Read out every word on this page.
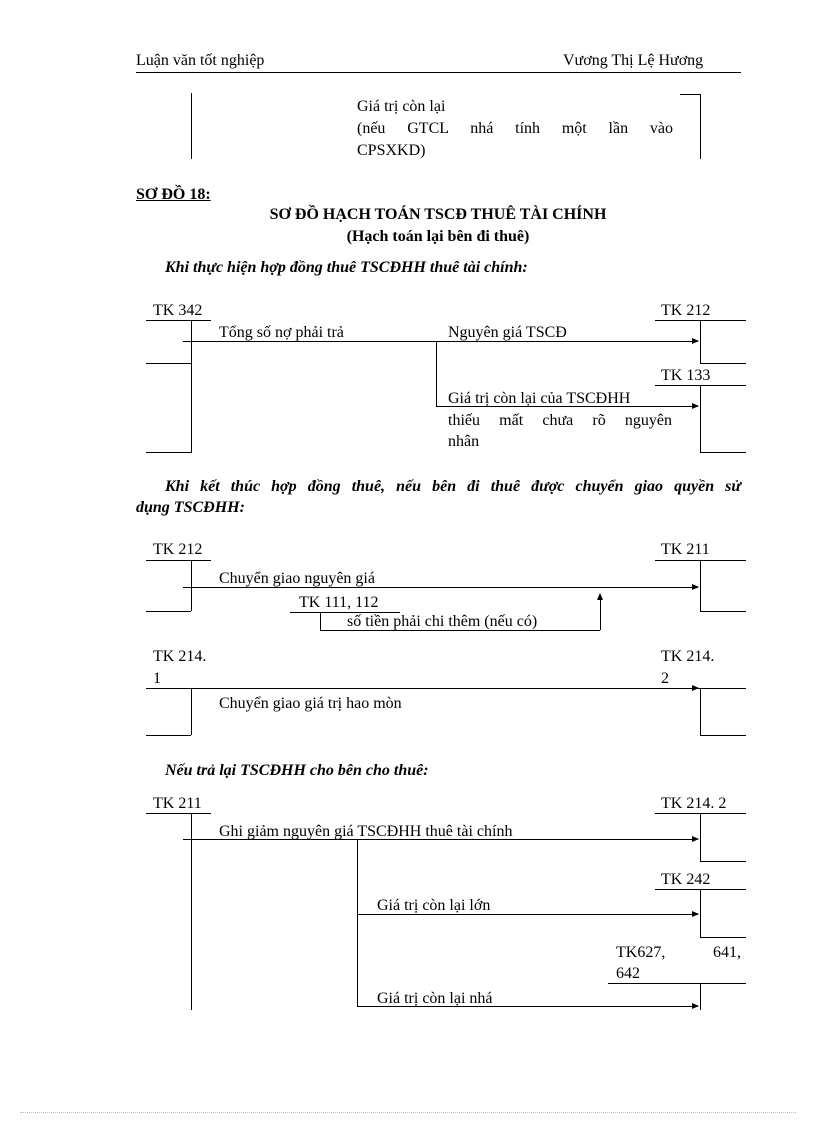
Luận văn tốt nghiệp	Vương Thị Lệ Hương
Giá trị còn lại
(nếu GTCL nhá tính một lần vào
CPSXKD)
SƠ ĐỒ 18:
SƠ ĐỒ HẠCH TOÁN TSCĐ THUÊ TÀI CHÍNH
(Hạch toán lại bên đi thuê)
Khi thực hiện hợp đồng thuê TSCĐHH thuê tài chính:
TK 342	TK 212
TK 133
Tổng số nợ phải trả	Nguyên giá TSCĐ
Giá trị còn lại của TSCĐHH
thiếu mất chưa rõ nguyên
nhân
Khi kết thúc hợp đồng thuê, nếu bên đi thuê được chuyển giao quyền sử
dụng TSCĐHH:
TK 212	TK 211
Chuyển giao nguyên giá
TK 111, 112
số tiền phải chi thêm (nếu có)
TK 214.
1
TK 214.
2
Chuyển giao giá trị hao mòn
Nếu trả lại TSCĐHH cho bên cho thuê:
TK 211	TK 214. 2
Ghi giảm nguyên giá TSCĐHH thuê tài chính
TK 242
Giá trị còn lại lớn
TK627, 641,
642
Giá trị còn lại nhá
